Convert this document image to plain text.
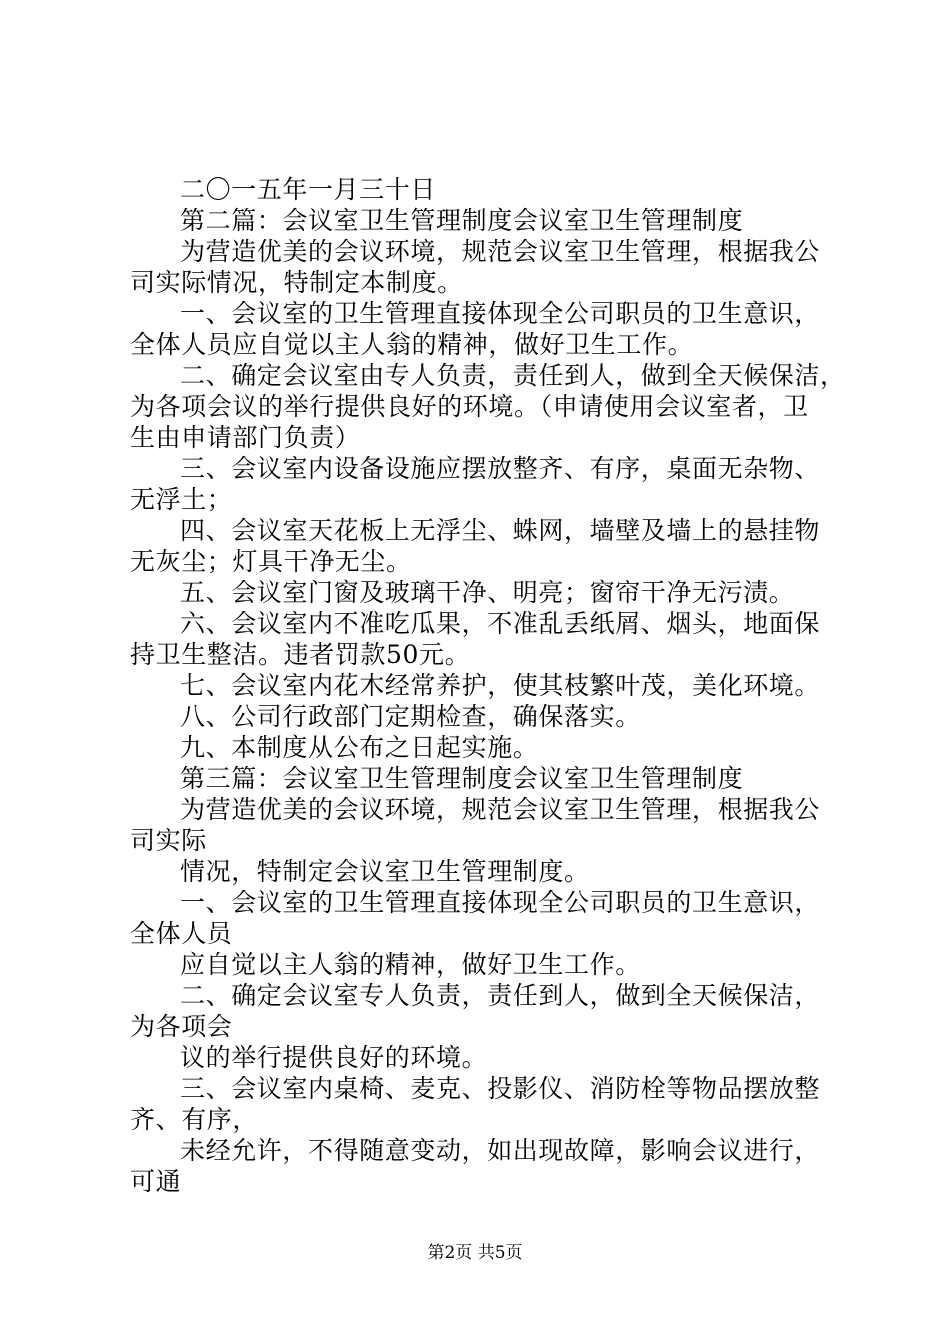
二〇一五年一月三十日
第二篇：会议室卫生管理制度会议室卫生管理制度
为营造优美的会议环境，规范会议室卫生管理，根据我公
司实际情况，特制定本制度。
一、会议室的卫生管理直接体现全公司职员的卫生意识，
全体人员应自觉以主人翁的精神，做好卫生工作。
二、确定会议室由专人负责，责任到人，做到全天候保洁，
为各项会议的举行提供良好的环境。（申请使用会议室者，卫
生由申请部门负责）
三、会议室内设备设施应摆放整齐、有序，桌面无杂物、
无浮土；
四、会议室天花板上无浮尘、蛛网，墙壁及墙上的悬挂物
无灰尘；灯具干净无尘。
五、会议室门窗及玻璃干净、明亮；窗帘干净无污渍。
六、会议室内不准吃瓜果，不准乱丢纸屑、烟头，地面保
持卫生整洁。违者罚款50元。
七、会议室内花木经常养护，使其枝繁叶茂，美化环境。
八、公司行政部门定期检查，确保落实。
九、本制度从公布之日起实施。
第三篇：会议室卫生管理制度会议室卫生管理制度
为营造优美的会议环境，规范会议室卫生管理，根据我公
司实际
情况，特制定会议室卫生管理制度。
一、会议室的卫生管理直接体现全公司职员的卫生意识，
全体人员
应自觉以主人翁的精神，做好卫生工作。
二、确定会议室专人负责，责任到人，做到全天候保洁，
为各项会
议的举行提供良好的环境。
三、会议室内桌椅、麦克、投影仪、消防栓等物品摆放整
齐、有序，
未经允许，不得随意变动，如出现故障，影响会议进行，
可通
第2页 共5页
